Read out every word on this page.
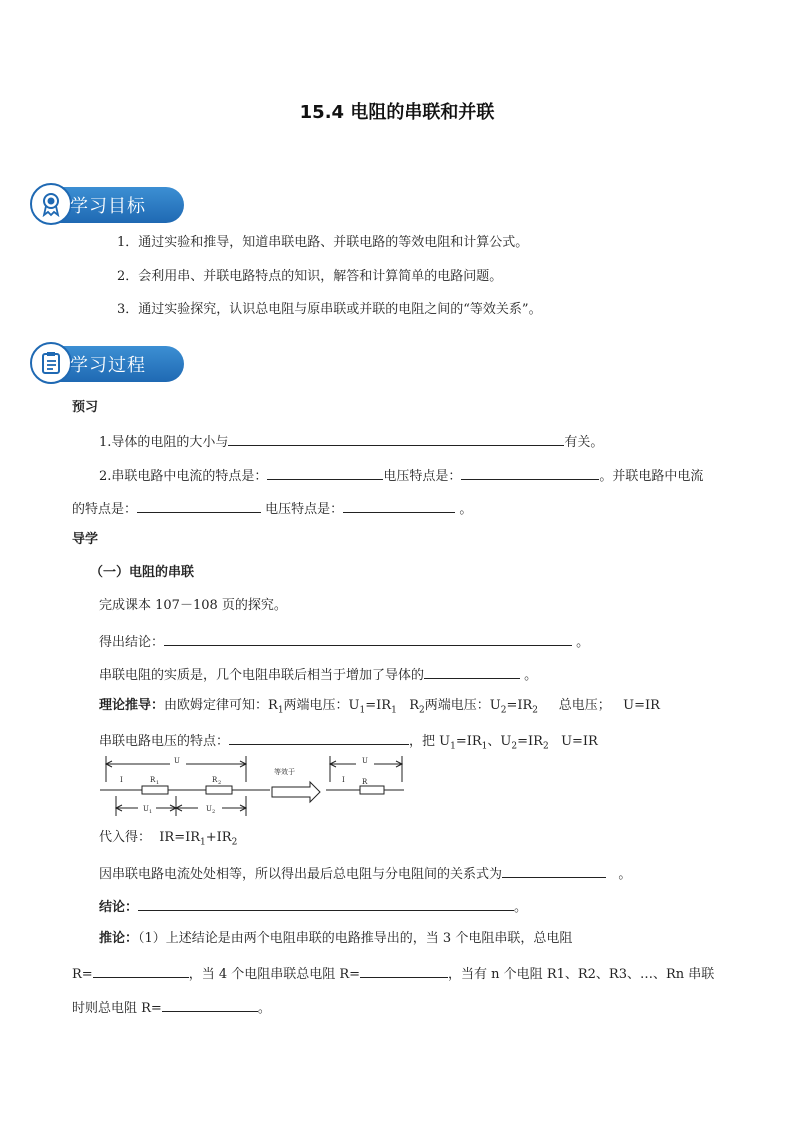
15.4 电阻的串联和并联
学习目标
1．通过实验和推导，知道串联电路、并联电路的等效电阻和计算公式。
2．会利用串、并联电路特点的知识，解答和计算简单的电路问题。
3．通过实验探究，认识总电阻与原串联或并联的电阻之间的“等效关系”。
学习过程
预习
1.导体的电阻的大小与	有关。
2.串联电路中电流的特点是：	电压特点是：	。并联电路中电流
的特点是：	电压特点是：	。
导学
（一）电阻的串联
完成课本 107－108 页的探究。
得出结论：	。
串联电阻的实质是，几个电阻串联后相当于增加了导体的	。
理论推导：由欧姆定律可知：$R_1$两端电压：$U_1=IR_1$ $R_2$两端电压：$U_2=IR_2$ 总电压； U=IR
串联电路电压的特点：	，把 $U_1=IR_1$、$U_2=IR_2$ U=IR
U
I	R 1	R 2
U 1	U 2
等效于
U
I R
代入得： $IR=IR_1+IR_2$
因串联电路电流处处相等，所以得出最后总电阻与分电阻间的关系式为	。
结论：	。
推论：（1）上述结论是由两个电阻串联的电路推导出的，当 3 个电阻串联，总电阻
R=	，当 4 个电阻串联总电阻 R=	，当有 n 个电阻 R1、R2、R3、…、Rn 串联
时则总电阻 R=	。
